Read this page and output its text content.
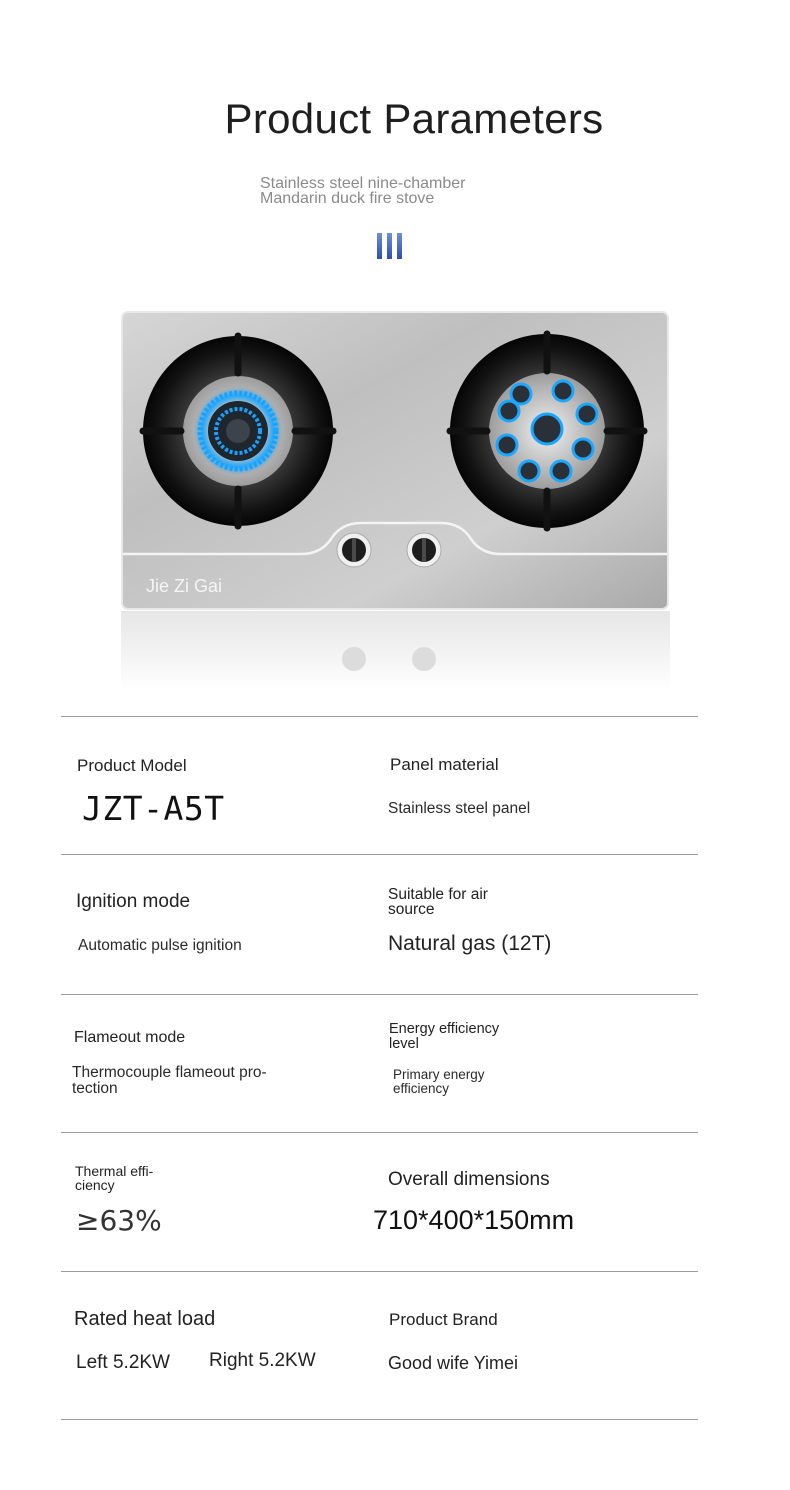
Product Parameters
Stainless steel nine-chamber
Mandarin duck fire stove
Jie Zi Gai
Product Model
JZT-A5T
Panel material
Stainless steel panel
Ignition mode
Automatic pulse ignition
Suitable for air
source
Natural gas (12T)
Flameout mode
Thermocouple flameout pro-
tection
Energy efficiency
level
Primary energy
efficiency
Thermal effi-
ciency
≥63%
Overall dimensions
710*400*150mm
Rated heat load
Left 5.2KW Right 5.2KW
Product Brand
Good wife Yimei
